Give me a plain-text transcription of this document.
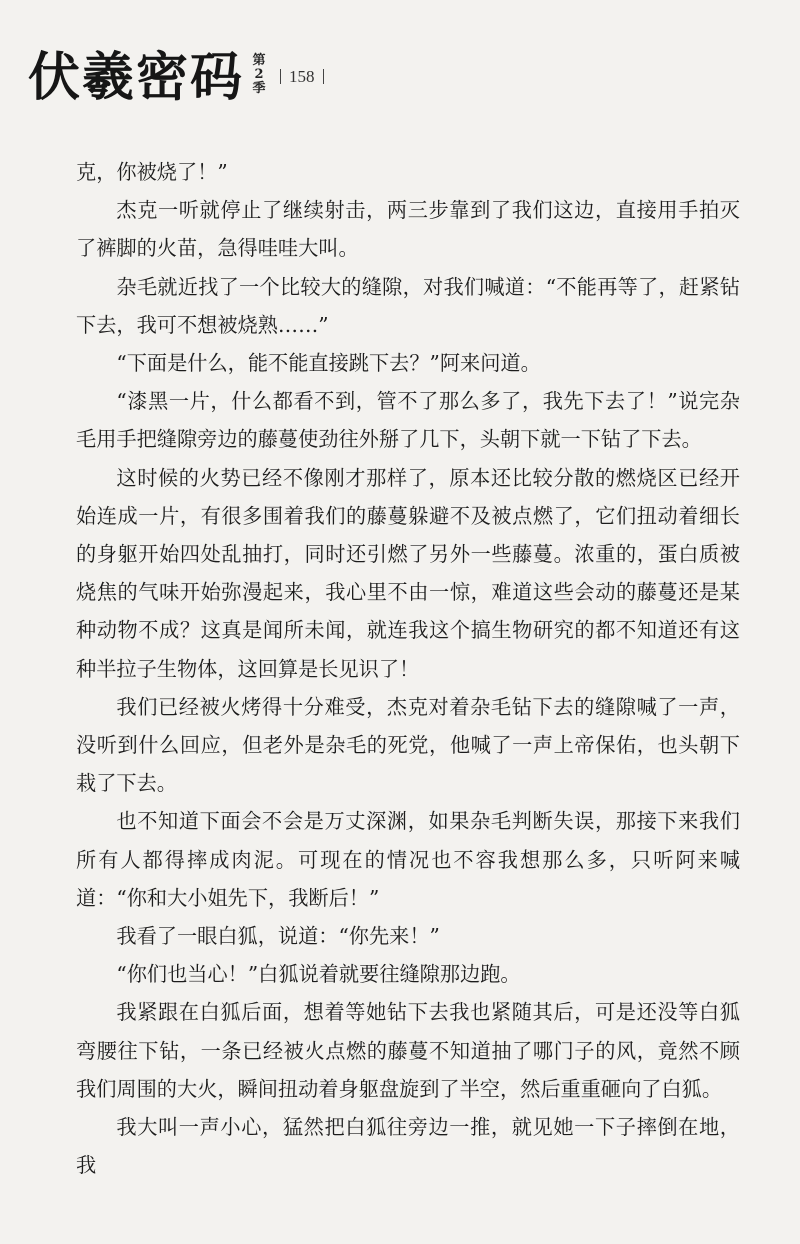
伏羲密码 第
2
季
158

克，你被烧了！”

杰克一听就停止了继续射击，两三步靠到了我们这边，直接用手拍灭了裤脚的火苗，急得哇哇大叫。

杂毛就近找了一个比较大的缝隙，对我们喊道：“不能再等了，赶紧钻下去，我可不想被烧熟……”

“下面是什么，能不能直接跳下去？”阿来问道。

“漆黑一片，什么都看不到，管不了那么多了，我先下去了！”说完杂毛用手把缝隙旁边的藤蔓使劲往外掰了几下，头朝下就一下钻了下去。

这时候的火势已经不像刚才那样了，原本还比较分散的燃烧区已经开始连成一片，有很多围着我们的藤蔓躲避不及被点燃了，它们扭动着细长的身躯开始四处乱抽打，同时还引燃了另外一些藤蔓。浓重的，蛋白质被烧焦的气味开始弥漫起来，我心里不由一惊，难道这些会动的藤蔓还是某种动物不成？这真是闻所未闻，就连我这个搞生物研究的都不知道还有这种半拉子生物体，这回算是长见识了！

我们已经被火烤得十分难受，杰克对着杂毛钻下去的缝隙喊了一声，没听到什么回应，但老外是杂毛的死党，他喊了一声上帝保佑，也头朝下栽了下去。

也不知道下面会不会是万丈深渊，如果杂毛判断失误，那接下来我们所有人都得摔成肉泥。可现在的情况也不容我想那么多，只听阿来喊道：“你和大小姐先下，我断后！”

我看了一眼白狐，说道：“你先来！”

“你们也当心！”白狐说着就要往缝隙那边跑。

我紧跟在白狐后面，想着等她钻下去我也紧随其后，可是还没等白狐弯腰往下钻，一条已经被火点燃的藤蔓不知道抽了哪门子的风，竟然不顾我们周围的大火，瞬间扭动着身躯盘旋到了半空，然后重重砸向了白狐。

我大叫一声小心，猛然把白狐往旁边一推，就见她一下子摔倒在地，我
